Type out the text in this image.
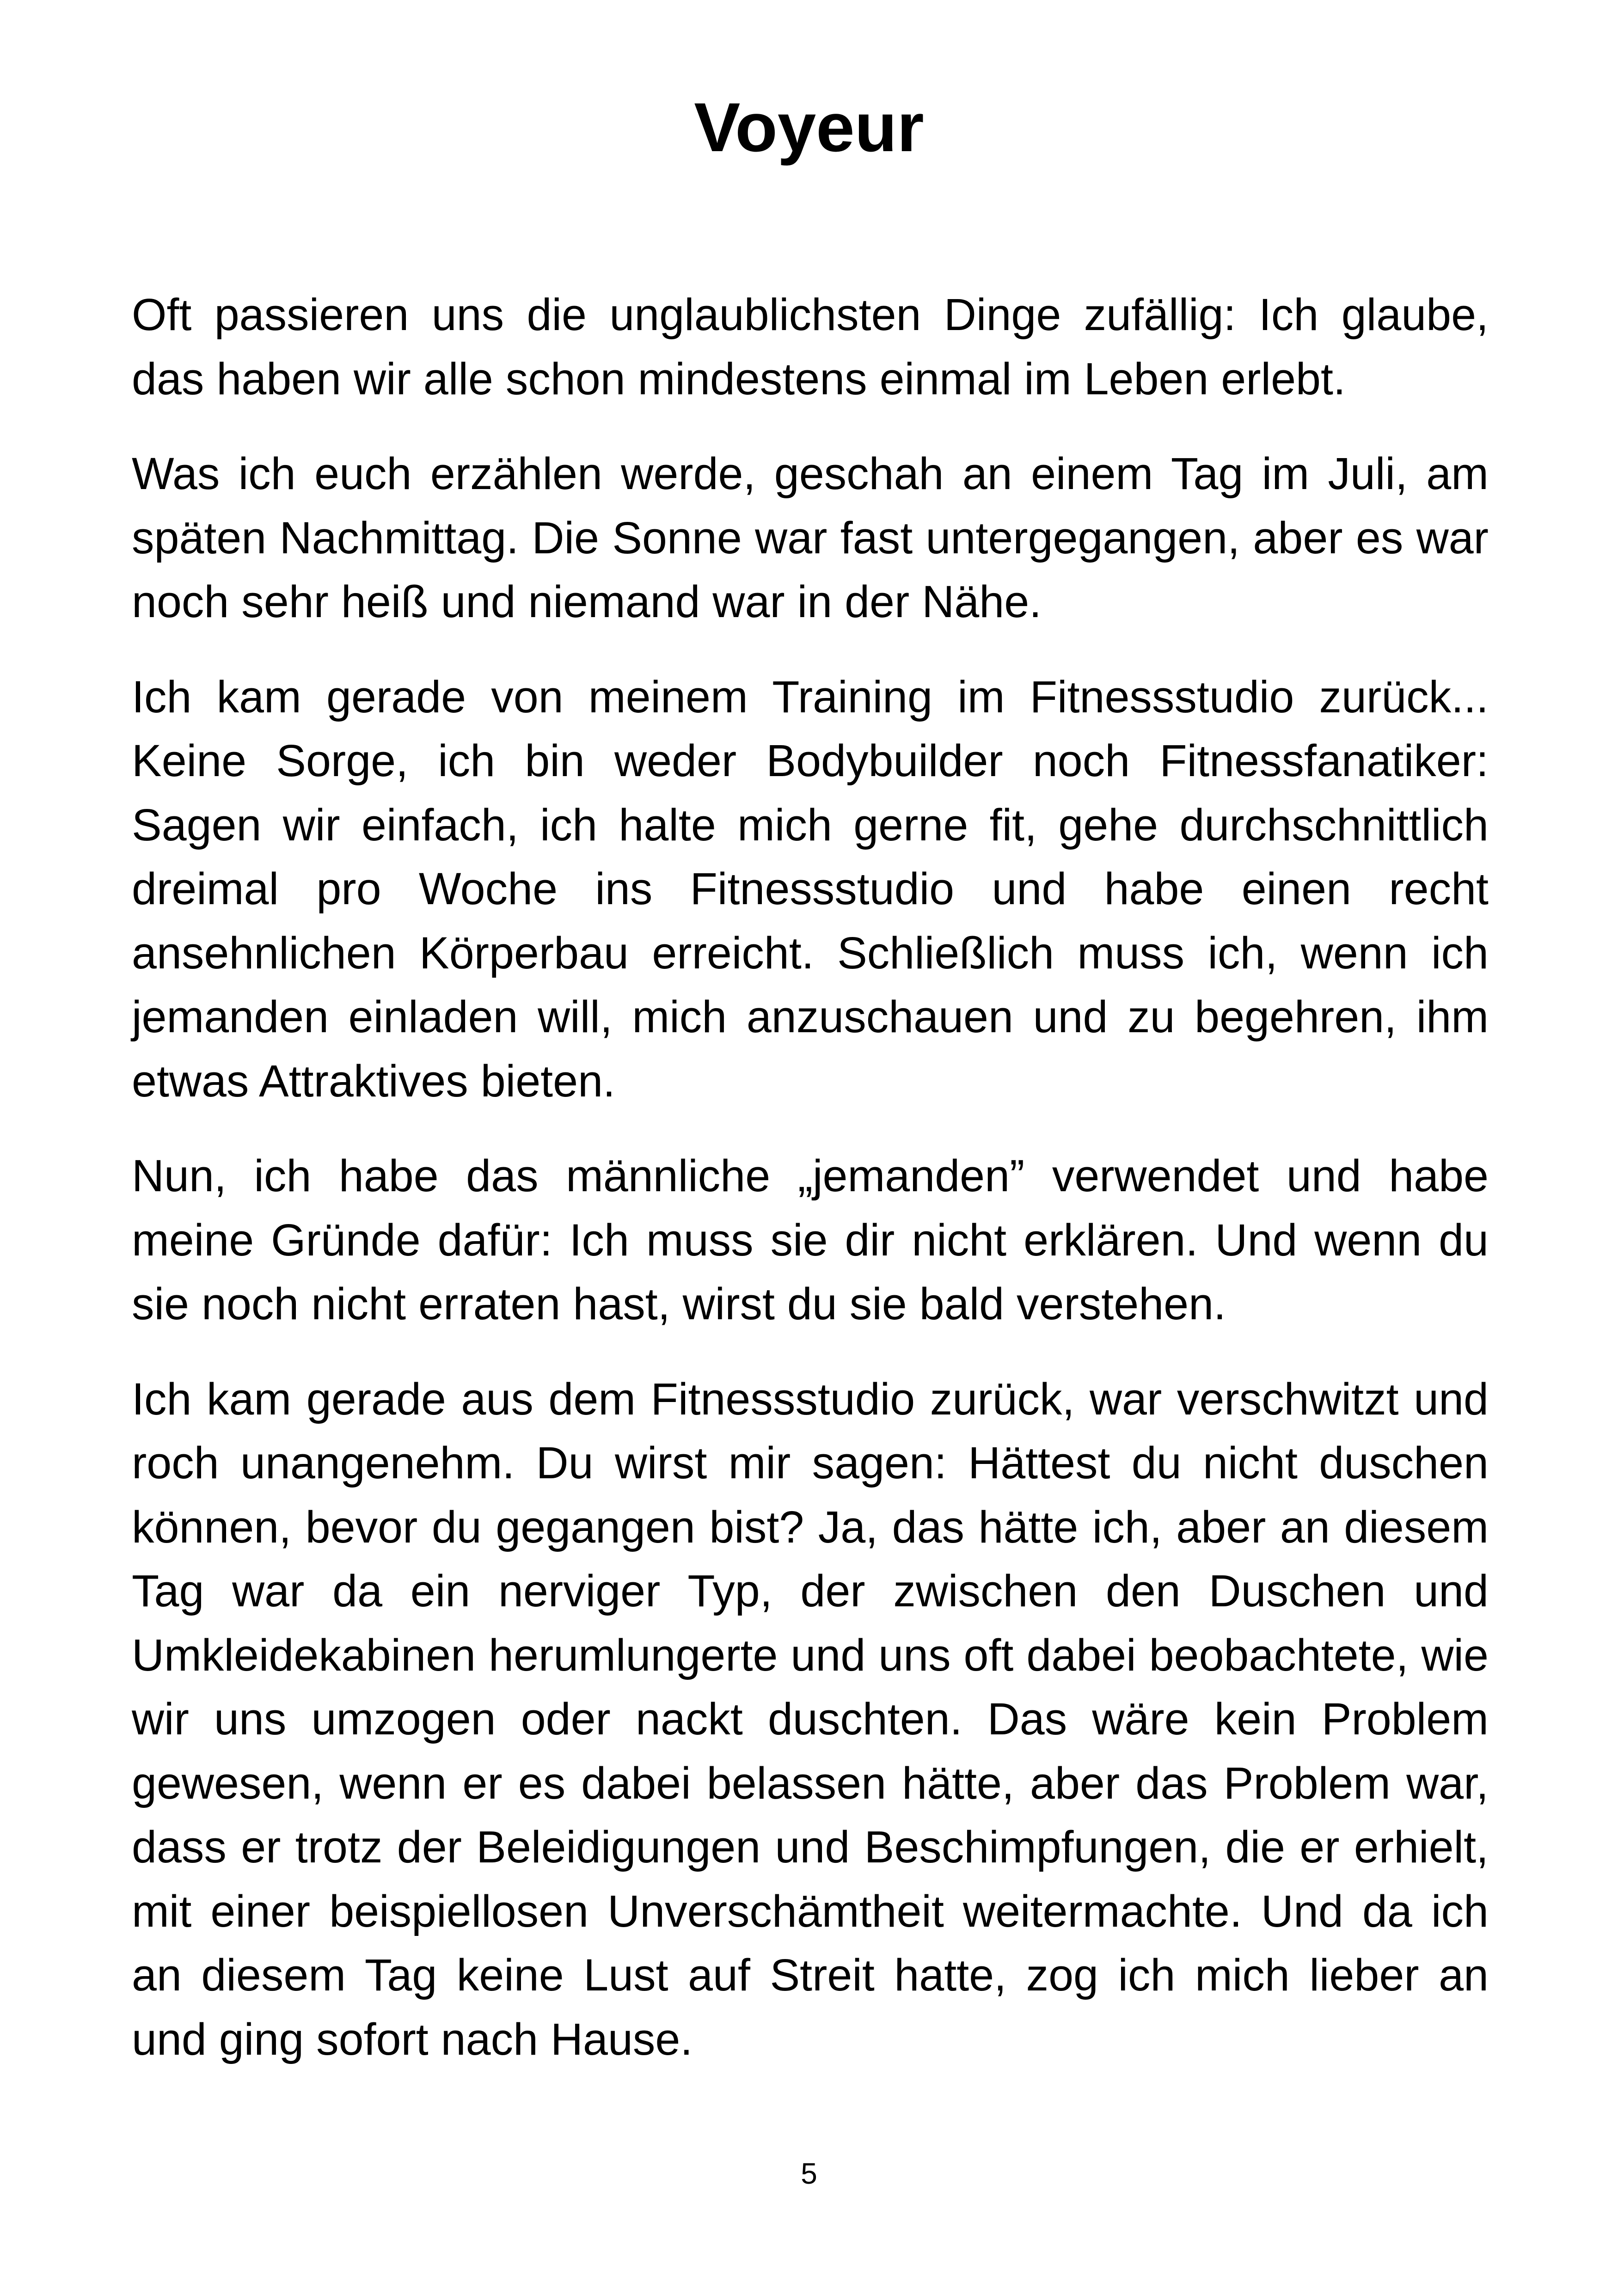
Voyeur

Oft passieren uns die unglaublichsten Dinge zufällig: Ich glaube, das haben wir alle schon mindestens einmal im Leben erlebt.

Was ich euch erzählen werde, geschah an einem Tag im Juli, am späten Nachmittag. Die Sonne war fast untergegangen, aber es war noch sehr heiß und niemand war in der Nähe.

Ich kam gerade von meinem Training im Fitnessstudio zurück... Keine Sorge, ich bin weder Bodybuilder noch Fitnessfanatiker: Sagen wir einfach, ich halte mich gerne fit, gehe durchschnittlich dreimal pro Woche ins Fitnessstudio und habe einen recht ansehnlichen Körperbau erreicht. Schließlich muss ich, wenn ich jemanden einladen will, mich anzuschauen und zu begehren, ihm etwas Attraktives bieten.

Nun, ich habe das männliche „jemanden” verwendet und habe meine Gründe dafür: Ich muss sie dir nicht erklären. Und wenn du sie noch nicht erraten hast, wirst du sie bald verstehen.

Ich kam gerade aus dem Fitnessstudio zurück, war verschwitzt und roch unangenehm. Du wirst mir sagen: Hättest du nicht duschen können, bevor du gegangen bist? Ja, das hätte ich, aber an diesem Tag war da ein nerviger Typ, der zwischen den Duschen und Umkleidekabinen herumlungerte und uns oft dabei beobachtete, wie wir uns umzogen oder nackt duschten. Das wäre kein Problem gewesen, wenn er es dabei belassen hätte, aber das Problem war, dass er trotz der Beleidigungen und Beschimpfungen, die er erhielt, mit einer beispiellosen Unverschämtheit weitermachte. Und da ich an diesem Tag keine Lust auf Streit hatte, zog ich mich lieber an und ging sofort nach Hause.

5
